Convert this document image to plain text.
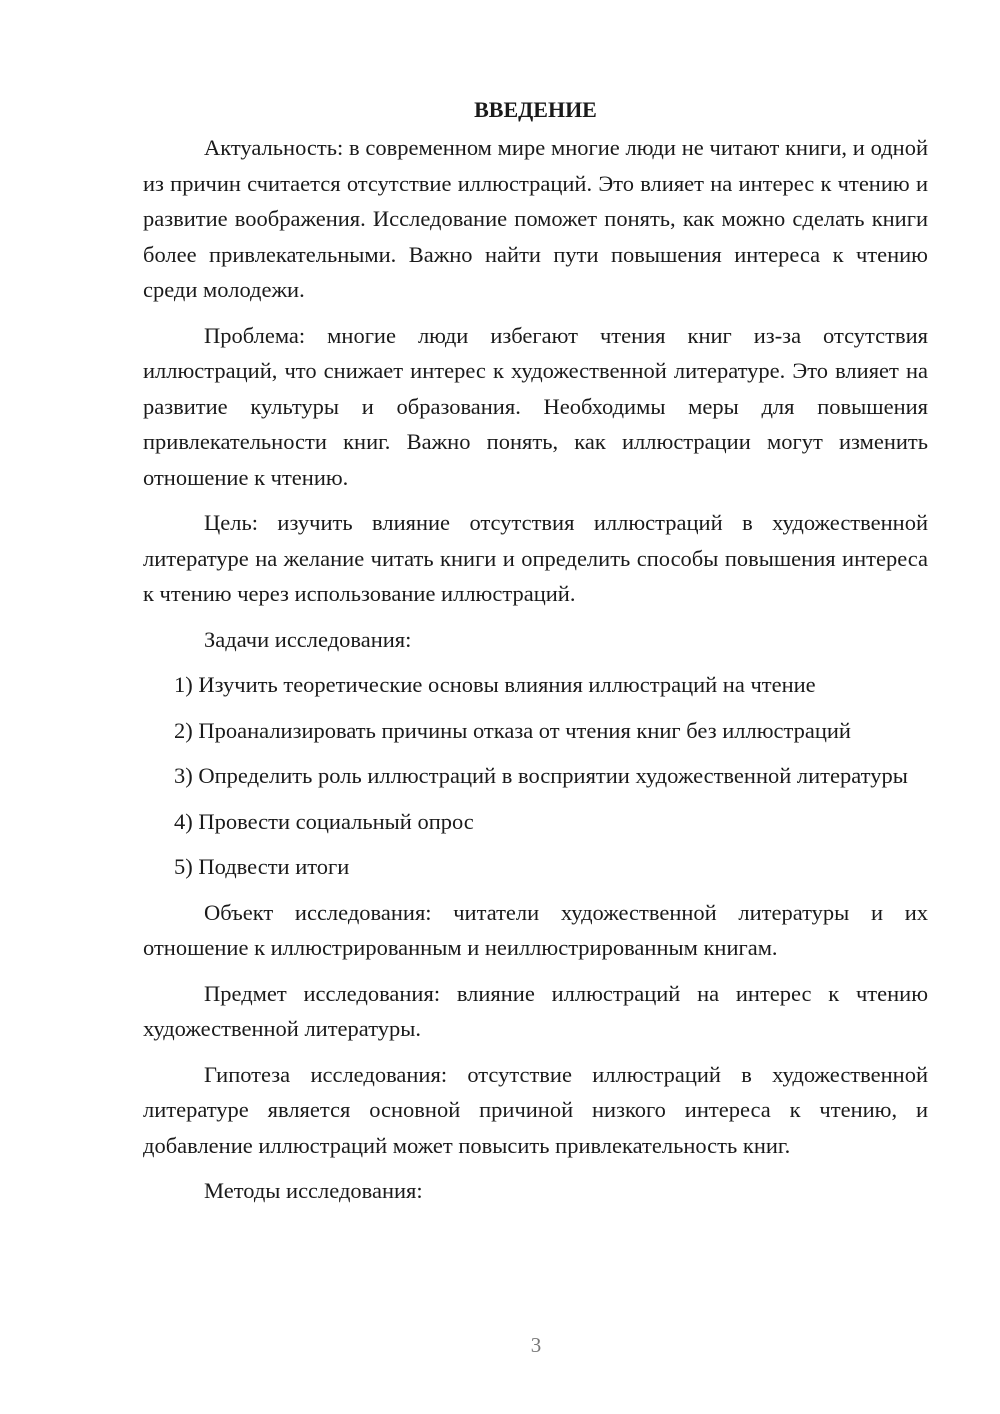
ВВЕДЕНИЕ

Актуальность: в современном мире многие люди не читают книги, и одной из причин считается отсутствие иллюстраций. Это влияет на интерес к чтению и развитие воображения. Исследование поможет понять, как можно сделать книги более привлекательными. Важно найти пути повышения интереса к чтению среди молодежи.

Проблема: многие люди избегают чтения книг из-за отсутствия иллюстраций, что снижает интерес к художественной литературе. Это влияет на развитие культуры и образования. Необходимы меры для повышения привлекательности книг. Важно понять, как иллюстрации могут изменить отношение к чтению.

Цель: изучить влияние отсутствия иллюстраций в художественной литературе на желание читать книги и определить способы повышения интереса к чтению через использование иллюстраций.

Задачи исследования:

1) Изучить теоретические основы влияния иллюстраций на чтение

2) Проанализировать причины отказа от чтения книг без иллюстраций

3) Определить роль иллюстраций в восприятии художественной литературы

4) Провести социальный опрос

5) Подвести итоги

Объект исследования: читатели художественной литературы и их отношение к иллюстрированным и неиллюстрированным книгам.

Предмет исследования: влияние иллюстраций на интерес к чтению художественной литературы.

Гипотеза исследования: отсутствие иллюстраций в художественной литературе является основной причиной низкого интереса к чтению, и добавление иллюстраций может повысить привлекательность книг.

Методы исследования:

3
